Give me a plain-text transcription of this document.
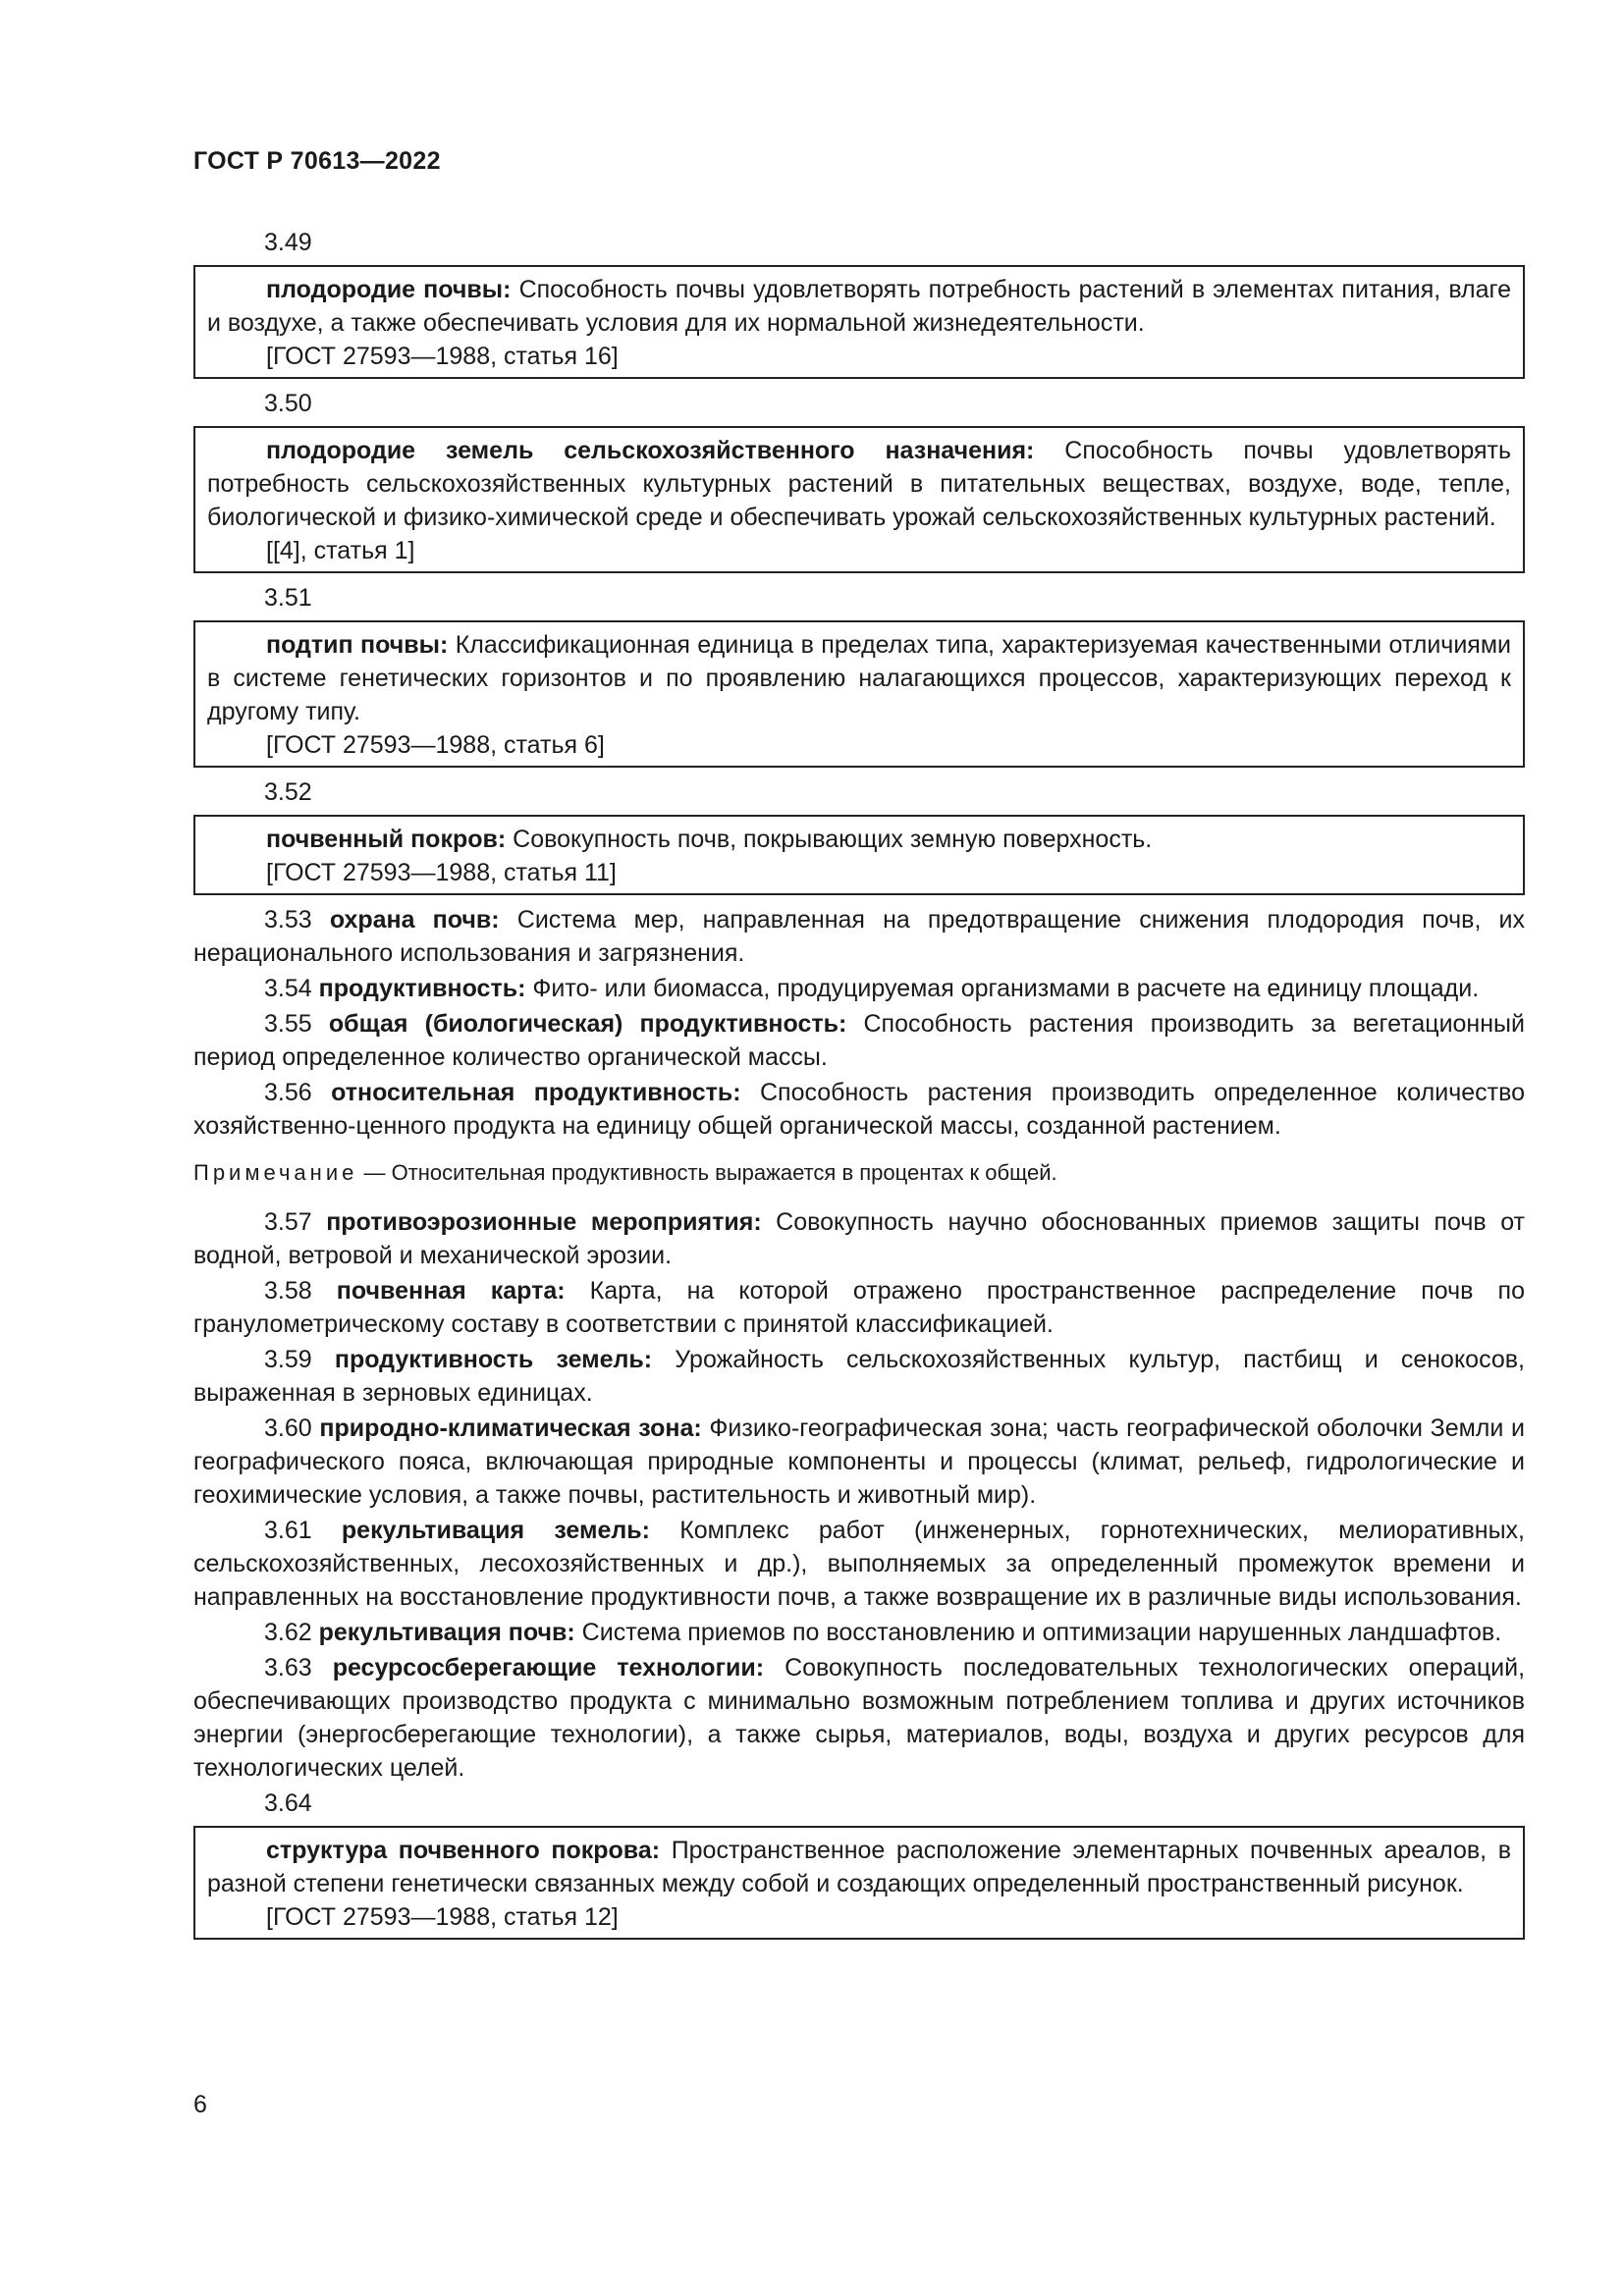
ГОСТ Р 70613—2022
3.49

плодородие почвы: Способность почвы удовлетворять потребность растений в элементах питания, влаге и воздухе, а также обеспечивать условия для их нормальной жизнедеятельности.

[ГОСТ 27593—1988, статья 16]

3.50

плодородие земель сельскохозяйственного назначения: Способность почвы удовлетворять потребность сельскохозяйственных культурных растений в питательных веществах, воздухе, воде, тепле, биологической и физико-химической среде и обеспечивать урожай сельскохозяйственных культурных растений.

[[4], статья 1]

3.51

подтип почвы: Классификационная единица в пределах типа, характеризуемая качественными отличиями в системе генетических горизонтов и по проявлению налагающихся процессов, характеризующих переход к другому типу.

[ГОСТ 27593—1988, статья 6]

3.52

почвенный покров: Совокупность почв, покрывающих земную поверхность.

[ГОСТ 27593—1988, статья 11]

3.53 охрана почв: Система мер, направленная на предотвращение снижения плодородия почв, их нерационального использования и загрязнения.

3.54 продуктивность: Фито- или биомасса, продуцируемая организмами в расчете на единицу площади.

3.55 общая (биологическая) продуктивность: Способность растения производить за вегетационный период определенное количество органической массы.

3.56 относительная продуктивность: Способность растения производить определенное количество хозяйственно-ценного продукта на единицу общей органической массы, созданной растением.

Примечание — Относительная продуктивность выражается в процентах к общей.

3.57 противоэрозионные мероприятия: Совокупность научно обоснованных приемов защиты почв от водной, ветровой и механической эрозии.

3.58 почвенная карта: Карта, на которой отражено пространственное распределение почв по гранулометрическому составу в соответствии с принятой классификацией.

3.59 продуктивность земель: Урожайность сельскохозяйственных культур, пастбищ и сенокосов, выраженная в зерновых единицах.

3.60 природно-климатическая зона: Физико-географическая зона; часть географической оболочки Земли и географического пояса, включающая природные компоненты и процессы (климат, рельеф, гидрологические и геохимические условия, а также почвы, растительность и животный мир).

3.61 рекультивация земель: Комплекс работ (инженерных, горнотехнических, мелиоративных, сельскохозяйственных, лесохозяйственных и др.), выполняемых за определенный промежуток времени и направленных на восстановление продуктивности почв, а также возвращение их в различные виды использования.

3.62 рекультивация почв: Система приемов по восстановлению и оптимизации нарушенных ландшафтов.

3.63 ресурсосберегающие технологии: Совокупность последовательных технологических операций, обеспечивающих производство продукта с минимально возможным потреблением топлива и других источников энергии (энергосберегающие технологии), а также сырья, материалов, воды, воздуха и других ресурсов для технологических целей.

3.64

структура почвенного покрова: Пространственное расположение элементарных почвенных ареалов, в разной степени генетически связанных между собой и создающих определенный пространственный рисунок.

[ГОСТ 27593—1988, статья 12]

6
